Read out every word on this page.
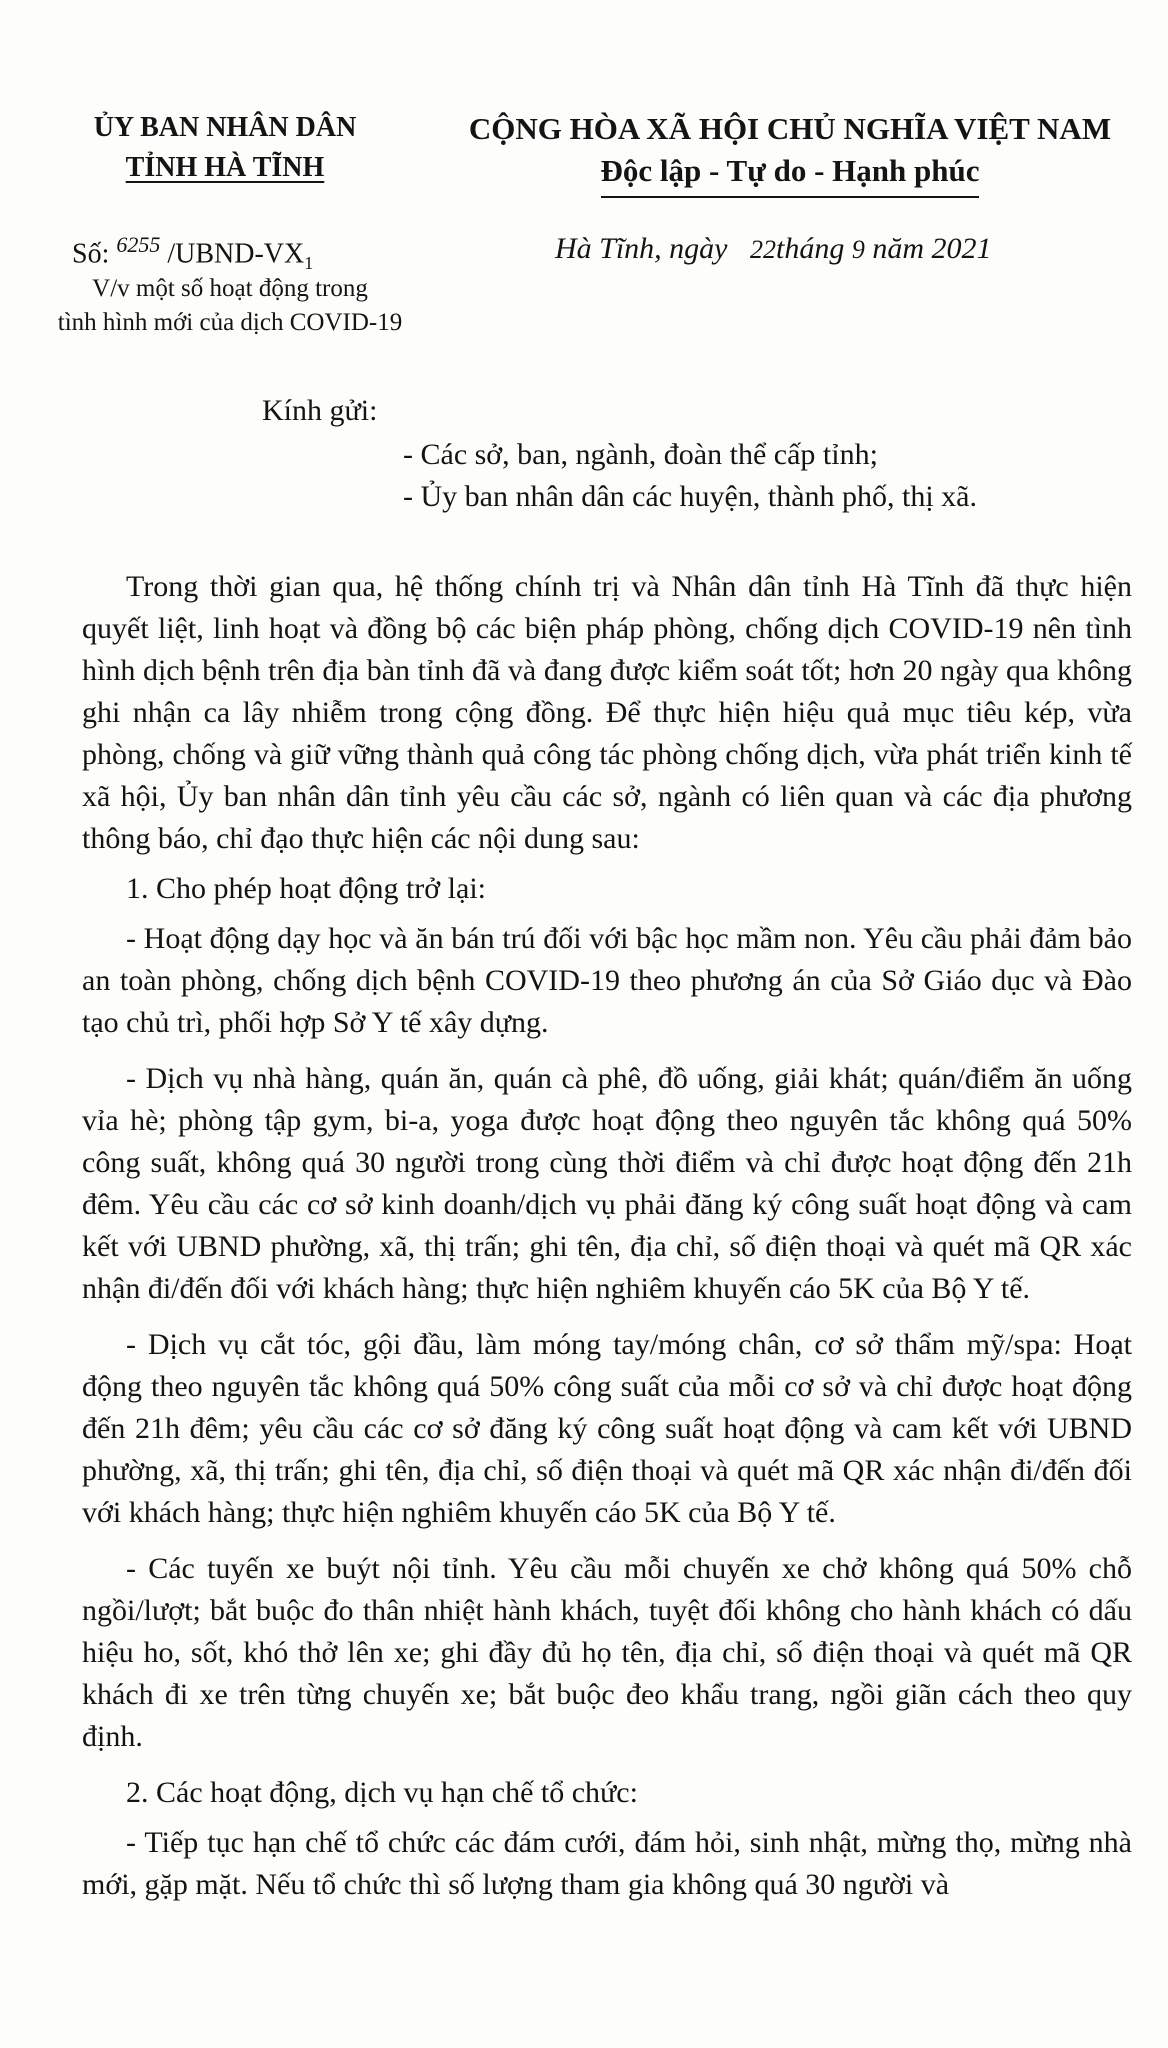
ỦY BAN NHÂN DÂN
TỈNH HÀ TĨNH
CỘNG HÒA XÃ HỘI CHỦ NGHĨA VIỆT NAM
Độc lập - Tự do - Hạnh phúc
Số: $^{6255}$ $/UBND-VX_1$
V/v một số hoạt động trong
tình hình mới của dịch COVID-19
Hà Tĩnh, ngày 22tháng 9 năm 2021
Kính gửi:
- Các sở, ban, ngành, đoàn thể cấp tỉnh;
- Ủy ban nhân dân các huyện, thành phố, thị xã.

Trong thời gian qua, hệ thống chính trị và Nhân dân tỉnh Hà Tĩnh đã thực hiện quyết liệt, linh hoạt và đồng bộ các biện pháp phòng, chống dịch COVID-19 nên tình hình dịch bệnh trên địa bàn tỉnh đã và đang được kiểm soát tốt; hơn 20 ngày qua không ghi nhận ca lây nhiễm trong cộng đồng. Để thực hiện hiệu quả mục tiêu kép, vừa phòng, chống và giữ vững thành quả công tác phòng chống dịch, vừa phát triển kinh tế xã hội, Ủy ban nhân dân tỉnh yêu cầu các sở, ngành có liên quan và các địa phương thông báo, chỉ đạo thực hiện các nội dung sau:

1. Cho phép hoạt động trở lại:

- Hoạt động dạy học và ăn bán trú đối với bậc học mầm non. Yêu cầu phải đảm bảo an toàn phòng, chống dịch bệnh COVID-19 theo phương án của Sở Giáo dục và Đào tạo chủ trì, phối hợp Sở Y tế xây dựng.

- Dịch vụ nhà hàng, quán ăn, quán cà phê, đồ uống, giải khát; quán/điểm ăn uống vỉa hè; phòng tập gym, bi-a, yoga được hoạt động theo nguyên tắc không quá 50% công suất, không quá 30 người trong cùng thời điểm và chỉ được hoạt động đến 21h đêm. Yêu cầu các cơ sở kinh doanh/dịch vụ phải đăng ký công suất hoạt động và cam kết với UBND phường, xã, thị trấn; ghi tên, địa chỉ, số điện thoại và quét mã QR xác nhận đi/đến đối với khách hàng; thực hiện nghiêm khuyến cáo 5K của Bộ Y tế.

- Dịch vụ cắt tóc, gội đầu, làm móng tay/móng chân, cơ sở thẩm mỹ/spa: Hoạt động theo nguyên tắc không quá 50% công suất của mỗi cơ sở và chỉ được hoạt động đến 21h đêm; yêu cầu các cơ sở đăng ký công suất hoạt động và cam kết với UBND phường, xã, thị trấn; ghi tên, địa chỉ, số điện thoại và quét mã QR xác nhận đi/đến đối với khách hàng; thực hiện nghiêm khuyến cáo 5K của Bộ Y tế.

- Các tuyến xe buýt nội tỉnh. Yêu cầu mỗi chuyến xe chở không quá 50% chỗ ngồi/lượt; bắt buộc đo thân nhiệt hành khách, tuyệt đối không cho hành khách có dấu hiệu ho, sốt, khó thở lên xe; ghi đầy đủ họ tên, địa chỉ, số điện thoại và quét mã QR khách đi xe trên từng chuyến xe; bắt buộc đeo khẩu trang, ngồi giãn cách theo quy định.

2. Các hoạt động, dịch vụ hạn chế tổ chức:

- Tiếp tục hạn chế tổ chức các đám cưới, đám hỏi, sinh nhật, mừng thọ, mừng nhà mới, gặp mặt. Nếu tổ chức thì số lượng tham gia không quá 30 người và
